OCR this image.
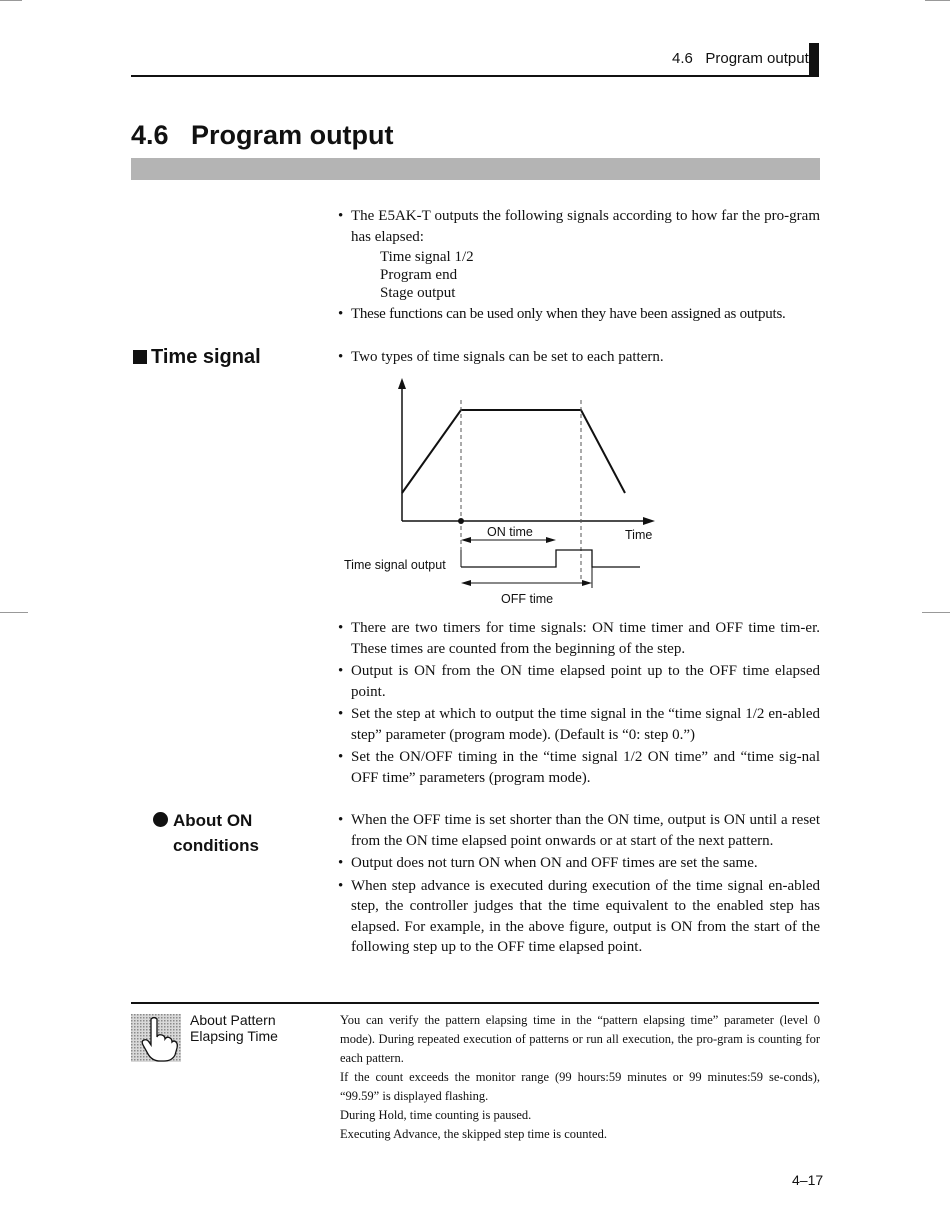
4.6   Program output
4.6   Program output

• The E5AK-T outputs the following signals according to how far the pro-gram has elapsed:

Time signal 1/2

Program end

Stage output

• These functions can be used only when they have been assigned as outputs.

Time signal

•	Two types of time signals can be set to each pattern.

ON time	Time
Time signal output
OFF time

• There are two timers for time signals: ON time timer and OFF time tim-er. These times are counted from the beginning of the step.

• Output is ON from the ON time elapsed point up to the OFF time elapsed point.

• Set the step at which to output the time signal in the “time signal 1/2 en-abled step” parameter (program mode). (Default is “0: step 0.”)

• Set the ON/OFF timing in the “time signal 1/2 ON time” and “time sig-nal OFF time” parameters (program mode).

About ON
conditions

• When the OFF time is set shorter than the ON time, output is ON until a reset from the ON time elapsed point onwards or at start of the next pattern.

• Output does not turn ON when ON and OFF times are set the same.

• When step advance is executed during execution of the time signal en-abled step, the controller judges that the time equivalent to the enabled step has elapsed. For example, in the above figure, output is ON from the start of the following step up to the OFF time elapsed point.

About Pattern
Elapsing Time
You can verify the pattern elapsing time in the “pattern elapsing time” parameter (level 0 mode). During repeated execution of patterns or run all execution, the pro-gram is counting for each pattern.
If the count exceeds the monitor range (99 hours:59 minutes or 99 minutes:59 se-conds), “99.59” is displayed flashing.
During Hold, time counting is paused.
Executing Advance, the skipped step time is counted.
4–17
